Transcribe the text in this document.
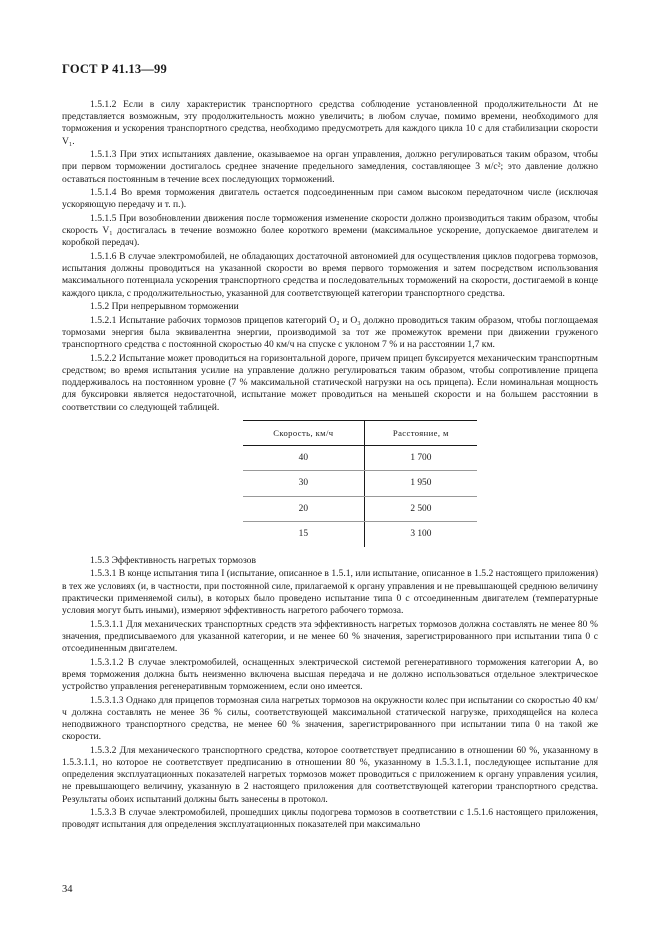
ГОСТ Р 41.13—99

1.5.1.2 Если в силу характеристик транспортного средства соблюдение установленной продолжительности Δt не представляется возможным, эту продолжительность можно увеличить; в любом случае, помимо времени, необходимого для торможения и ускорения транспортного средства, необходимо предусмотреть для каждого цикла 10 с для стабилизации скорости V₁.

1.5.1.3 При этих испытаниях давление, оказываемое на орган управления, должно регулироваться таким образом, чтобы при первом торможении достигалось среднее значение предельного замедления, составляющее 3 м/с²; это давление должно оставаться постоянным в течение всех последующих торможений.

1.5.1.4 Во время торможения двигатель остается подсоединенным при самом высоком передаточном числе (исключая ускоряющую передачу и т. п.).

1.5.1.5 При возобновлении движения после торможения изменение скорости должно производиться таким образом, чтобы скорость V₁ достигалась в течение возможно более короткого времени (максимальное ускорение, допускаемое двигателем и коробкой передач).

1.5.1.6 В случае электромобилей, не обладающих достаточной автономией для осуществления циклов подогрева тормозов, испытания должны проводиться на указанной скорости во время первого торможения и затем посредством использования максимального потенциала ускорения транспортного средства и последовательных торможений на скорости, достигаемой в конце каждого цикла, с продолжительностью, указанной для соответствующей категории транспортного средства.

1.5.2 При непрерывном торможении

1.5.2.1 Испытание рабочих тормозов прицепов категорий O₂ и O₃ должно проводиться таким образом, чтобы поглощаемая тормозами энергия была эквивалентна энергии, производимой за тот же промежуток времени при движении груженого транспортного средства с постоянной скоростью 40 км/ч на спуске с уклоном 7 % и на расстоянии 1,7 км.

1.5.2.2 Испытание может проводиться на горизонтальной дороге, причем прицеп буксируется механическим транспортным средством; во время испытания усилие на управление должно регулироваться таким образом, чтобы сопротивление прицепа поддерживалось на постоянном уровне (7 % максимальной статической нагрузки на ось прицепа). Если номинальная мощность для буксировки является недостаточной, испытание может проводиться на меньшей скорости и на большем расстоянии в соответствии со следующей таблицей.

Скорость, км/ч	Расстояние, м
40	1 700
30	1 950
20	2 500
15	3 100

1.5.3 Эффективность нагретых тормозов

1.5.3.1 В конце испытания типа I (испытание, описанное в 1.5.1, или испытание, описанное в 1.5.2 настоящего приложения) в тех же условиях (и, в частности, при постоянной силе, прилагаемой к органу управления и не превышающей среднюю величину практически применяемой силы), в которых было проведено испытание типа 0 с отсоединенным двигателем (температурные условия могут быть иными), измеряют эффективность нагретого рабочего тормоза.

1.5.3.1.1 Для механических транспортных средств эта эффективность нагретых тормозов должна составлять не менее 80 % значения, предписываемого для указанной категории, и не менее 60 % значения, зарегистрированного при испытании типа 0 с отсоединенным двигателем.

1.5.3.1.2 В случае электромобилей, оснащенных электрической системой регенеративного торможения категории A, во время торможения должна быть неизменно включена высшая передача и не должно использоваться отдельное электрическое устройство управления регенеративным торможением, если оно имеется.

1.5.3.1.3 Однако для прицепов тормозная сила нагретых тормозов на окружности колес при испытании со скоростью 40 км/ч должна составлять не менее 36 % силы, соответствующей максимальной статической нагрузке, приходящейся на колеса неподвижного транспортного средства, не менее 60 % значения, зарегистрированного при испытании типа 0 на такой же скорости.

1.5.3.2 Для механического транспортного средства, которое соответствует предписанию в отношении 60 %, указанному в 1.5.3.1.1, но которое не соответствует предписанию в отношении 80 %, указанному в 1.5.3.1.1, последующее испытание для определения эксплуатационных показателей нагретых тормозов может проводиться с приложением к органу управления усилия, не превышающего величину, указанную в 2 настоящего приложения для соответствующей категории транспортного средства. Результаты обоих испытаний должны быть занесены в протокол.

1.5.3.3 В случае электромобилей, прошедших циклы подогрева тормозов в соответствии с 1.5.1.6 настоящего приложения, проводят испытания для определения эксплуатационных показателей при максимально

34
